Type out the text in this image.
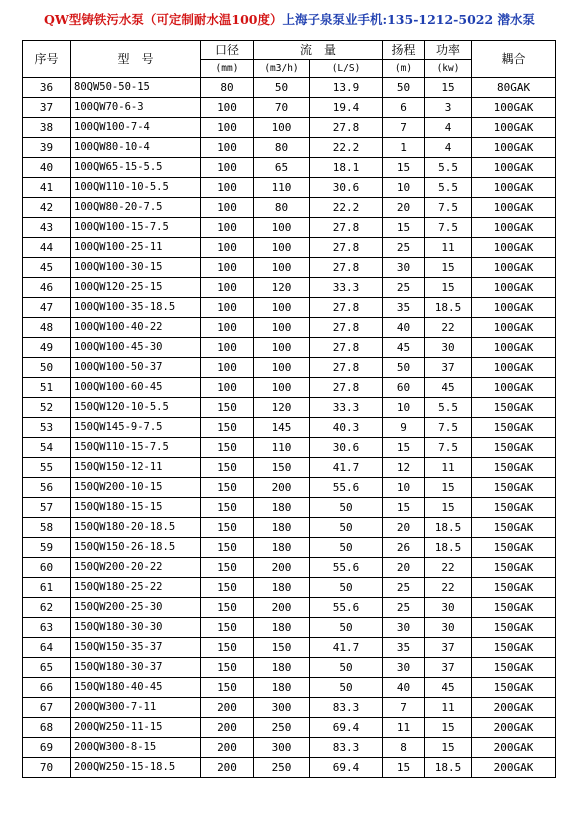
QW型铸铁污水泵（可定制耐水温100度）上海子泉泵业手机:135-1212-5022 潜水泵
序号	型　号	口径	流　量		扬程	功率	耦合
		(mm)	(m3/h)	(L/S)	(m)	(kw)	
36	80QW50-50-15	80	50	13.9	50	15	80GAK
37	100QW70-6-3	100	70	19.4	6	3	100GAK
38	100QW100-7-4	100	100	27.8	7	4	100GAK
39	100QW80-10-4	100	80	22.2	1	4	100GAK
40	100QW65-15-5.5	100	65	18.1	15	5.5	100GAK
41	100QW110-10-5.5	100	110	30.6	10	5.5	100GAK
42	100QW80-20-7.5	100	80	22.2	20	7.5	100GAK
43	100QW100-15-7.5	100	100	27.8	15	7.5	100GAK
44	100QW100-25-11	100	100	27.8	25	11	100GAK
45	100QW100-30-15	100	100	27.8	30	15	100GAK
46	100QW120-25-15	100	120	33.3	25	15	100GAK
47	100QW100-35-18.5	100	100	27.8	35	18.5	100GAK
48	100QW100-40-22	100	100	27.8	40	22	100GAK
49	100QW100-45-30	100	100	27.8	45	30	100GAK
50	100QW100-50-37	100	100	27.8	50	37	100GAK
51	100QW100-60-45	100	100	27.8	60	45	100GAK
52	150QW120-10-5.5	150	120	33.3	10	5.5	150GAK
53	150QW145-9-7.5	150	145	40.3	9	7.5	150GAK
54	150QW110-15-7.5	150	110	30.6	15	7.5	150GAK
55	150QW150-12-11	150	150	41.7	12	11	150GAK
56	150QW200-10-15	150	200	55.6	10	15	150GAK
57	150QW180-15-15	150	180	50	15	15	150GAK
58	150QW180-20-18.5	150	180	50	20	18.5	150GAK
59	150QW150-26-18.5	150	180	50	26	18.5	150GAK
60	150QW200-20-22	150	200	55.6	20	22	150GAK
61	150QW180-25-22	150	180	50	25	22	150GAK
62	150QW200-25-30	150	200	55.6	25	30	150GAK
63	150QW180-30-30	150	180	50	30	30	150GAK
64	150QW150-35-37	150	150	41.7	35	37	150GAK
65	150QW180-30-37	150	180	50	30	37	150GAK
66	150QW180-40-45	150	180	50	40	45	150GAK
67	200QW300-7-11	200	300	83.3	7	11	200GAK
68	200QW250-11-15	200	250	69.4	11	15	200GAK
69	200QW300-8-15	200	300	83.3	8	15	200GAK
70	200QW250-15-18.5	200	250	69.4	15	18.5	200GAK
